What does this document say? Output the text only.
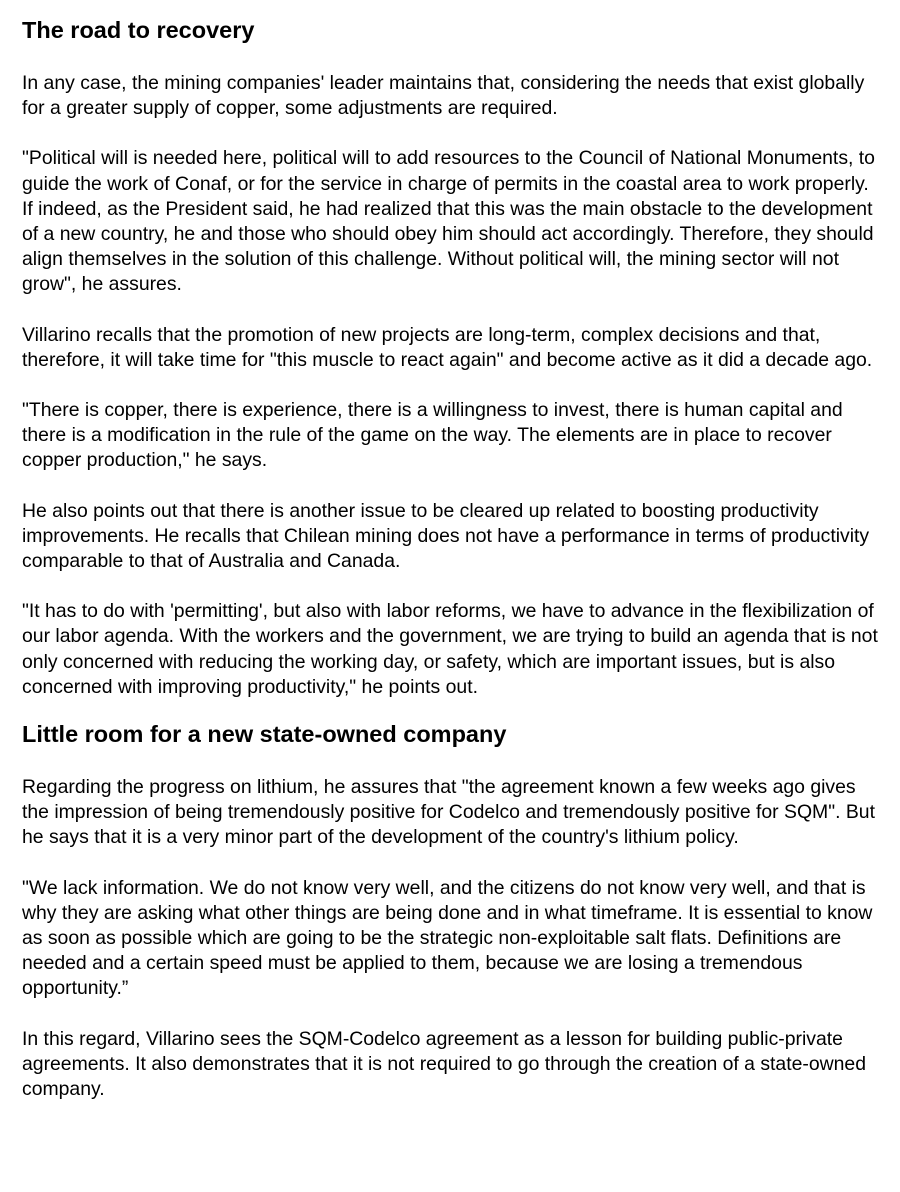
The road to recovery

In any case, the mining companies' leader maintains that, considering the needs that exist globally for a greater supply of copper, some adjustments are required.

"Political will is needed here, political will to add resources to the Council of National Monuments, to guide the work of Conaf, or for the service in charge of permits in the coastal area to work properly. If indeed, as the President said, he had realized that this was the main obstacle to the development of a new country, he and those who should obey him should act accordingly. Therefore, they should align themselves in the solution of this challenge. Without political will, the mining sector will not grow", he assures.

Villarino recalls that the promotion of new projects are long-term, complex decisions and that, therefore, it will take time for "this muscle to react again" and become active as it did a decade ago.

"There is copper, there is experience, there is a willingness to invest, there is human capital and there is a modification in the rule of the game on the way. The elements are in place to recover copper production," he says.

He also points out that there is another issue to be cleared up related to boosting productivity improvements. He recalls that Chilean mining does not have a performance in terms of productivity comparable to that of Australia and Canada.

"It has to do with 'permitting', but also with labor reforms, we have to advance in the flexibilization of our labor agenda. With the workers and the government, we are trying to build an agenda that is not only concerned with reducing the working day, or safety, which are important issues, but is also concerned with improving productivity," he points out.

Little room for a new state-owned company

Regarding the progress on lithium, he assures that "the agreement known a few weeks ago gives the impression of being tremendously positive for Codelco and tremendously positive for SQM". But he says that it is a very minor part of the development of the country's lithium policy.

"We lack information. We do not know very well, and the citizens do not know very well, and that is why they are asking what other things are being done and in what timeframe. It is essential to know as soon as possible which are going to be the strategic non-exploitable salt flats. Definitions are needed and a certain speed must be applied to them, because we are losing a tremendous opportunity.”

In this regard, Villarino sees the SQM-Codelco agreement as a lesson for building public-private agreements. It also demonstrates that it is not required to go through the creation of a state-owned company.
